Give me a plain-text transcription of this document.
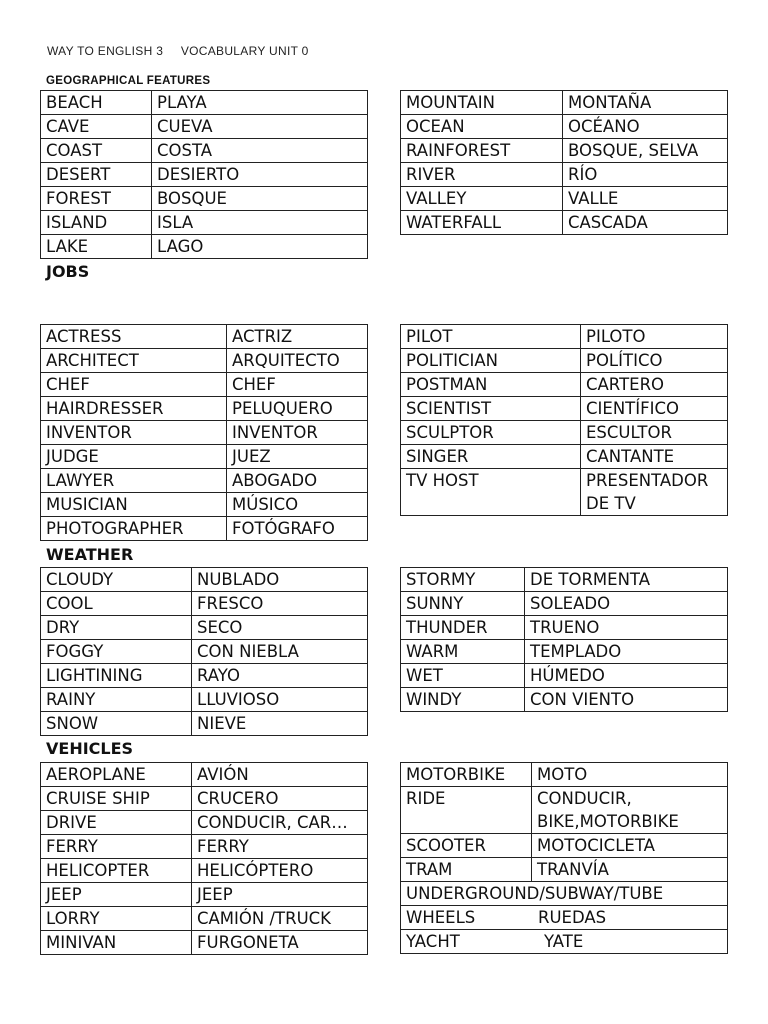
WAY TO ENGLISH 3 VOCABULARY UNIT 0
GEOGRAPHICAL FEATURES
BEACH	PLAYA
CAVE	CUEVA
COAST	COSTA
DESERT	DESIERTO
FOREST	BOSQUE
ISLAND	ISLA
LAKE	LAGO
MOUNTAIN	MONTAÑA
OCEAN	OCÉANO
RAINFOREST	BOSQUE, SELVA
RIVER	RÍO
VALLEY	VALLE
WATERFALL	CASCADA
JOBS
ACTRESS	ACTRIZ
ARCHITECT	ARQUITECTO
CHEF	CHEF
HAIRDRESSER	PELUQUERO
INVENTOR	INVENTOR
JUDGE	JUEZ
LAWYER	ABOGADO
MUSICIAN	MÚSICO
PHOTOGRAPHER	FOTÓGRAFO
PILOT	PILOTO
POLITICIAN	POLÍTICO
POSTMAN	CARTERO
SCIENTIST	CIENTÍFICO
SCULPTOR	ESCULTOR
SINGER	CANTANTE
TV HOST	PRESENTADOR DE TV
WEATHER
CLOUDY	NUBLADO
COOL	FRESCO
DRY	SECO
FOGGY	CON NIEBLA
LIGHTINING	RAYO
RAINY	LLUVIOSO
SNOW	NIEVE
STORMY	DE TORMENTA
SUNNY	SOLEADO
THUNDER	TRUENO
WARM	TEMPLADO
WET	HÚMEDO
WINDY	CON VIENTO
VEHICLES
AEROPLANE	AVIÓN
CRUISE SHIP	CRUCERO
DRIVE	CONDUCIR, CAR…
FERRY	FERRY
HELICOPTER	HELICÓPTERO
JEEP	JEEP
LORRY	CAMIÓN /TRUCK
MINIVAN	FURGONETA
MOTORBIKE	MOTO
RIDE	CONDUCIR, BIKE,MOTORBIKE
SCOOTER	MOTOCICLETA
TRAM	TRANVÍA
UNDERGROUND/SUBWAY/TUBE	
WHEELS RUEDAS	
YACHT YATE	
